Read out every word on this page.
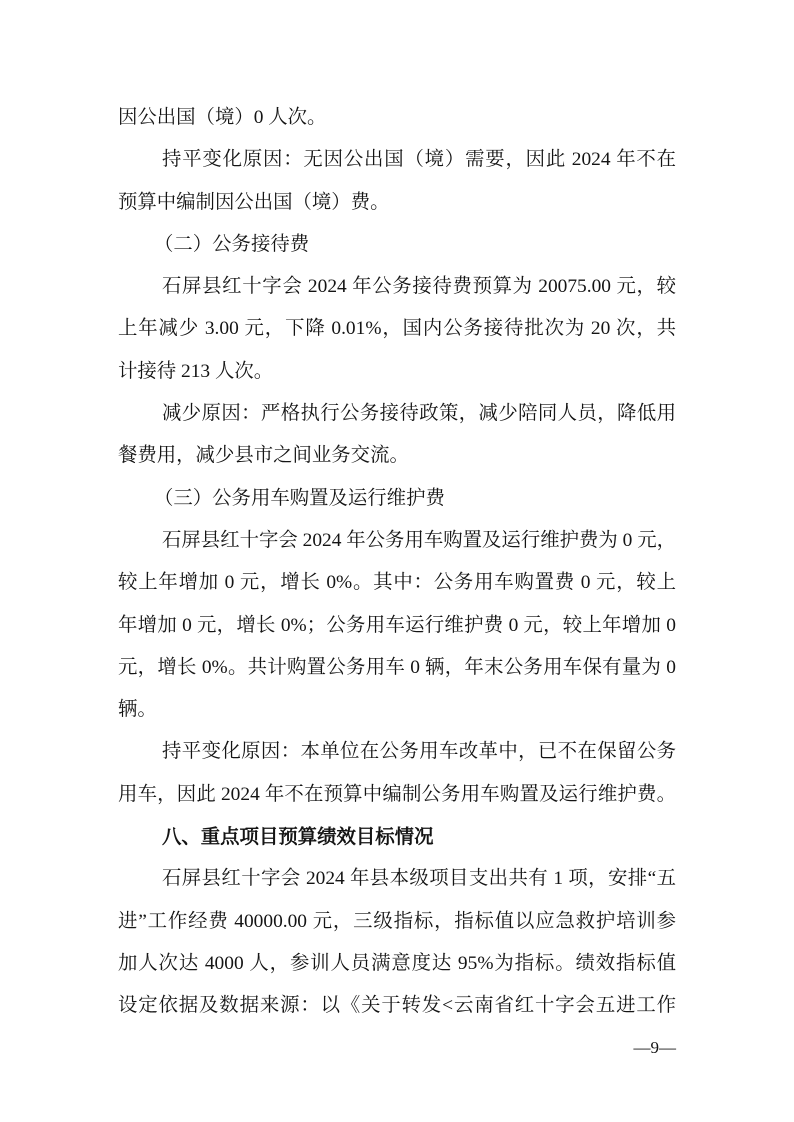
因公出国（境）0 人次。
持平变化原因：无因公出国（境）需要，因此 2024 年不在
预算中编制因公出国（境）费。
（二）公务接待费
石屏县红十字会 2024 年公务接待费预算为 20075.00 元，较
上年减少 3.00 元，下降 0.01%，国内公务接待批次为 20 次，共
计接待 213 人次。
减少原因：严格执行公务接待政策，减少陪同人员，降低用
餐费用，减少县市之间业务交流。
（三）公务用车购置及运行维护费
石屏县红十字会 2024 年公务用车购置及运行维护费为 0 元，
较上年增加 0 元，增长 0%。其中：公务用车购置费 0 元，较上
年增加 0 元，增长 0%；公务用车运行维护费 0 元，较上年增加 0
元，增长 0%。共计购置公务用车 0 辆，年末公务用车保有量为 0
辆。
持平变化原因：本单位在公务用车改革中，已不在保留公务
用车，因此 2024 年不在预算中编制公务用车购置及运行维护费。
八、重点项目预算绩效目标情况
石屏县红十字会 2024 年县本级项目支出共有 1 项，安排“五
进”工作经费 40000.00 元，三级指标，指标值以应急救护培训参
加人次达 4000 人，参训人员满意度达 95%为指标。绩效指标值
设定依据及数据来源：以《关于转发<云南省红十字会五进工作
—9—
